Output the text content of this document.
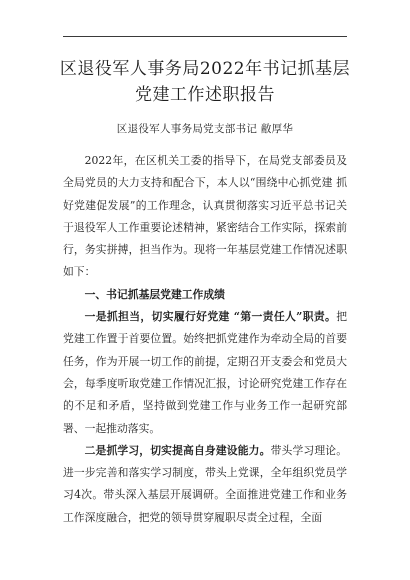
区退役军人事务局2022年书记抓基层
党建工作述职报告
区退役军人事务局党支部书记 敝厚华

2022年，在区机关工委的指导下，在局党支部委员及全局党员的大力支持和配合下，本人以“围绕中心抓党建 抓好党建促发展”的工作理念，认真贯彻落实习近平总书记关于退役军人工作重要论述精神，紧密结合工作实际，探索前行，务实拼搏，担当作为。现将一年基层党建工作情况述职如下：

一、书记抓基层党建工作成绩

一是抓担当，切实履行好党建 “第一责任人”职责。把党建工作置于首要位置。始终把抓党建作为牵动全局的首要任务，作为开展一切工作的前提，定期召开支委会和党员大会，每季度听取党建工作情况汇报，讨论研究党建工作存在的不足和矛盾，坚持做到党建工作与业务工作一起研究部署、一起推动落实。

二是抓学习，切实提高自身建设能力。带头学习理论。进一步完善和落实学习制度，带头上党课，全年组织党员学习4次。带头深入基层开展调研。全面推进党建工作和业务工作深度融合，把党的领导贯穿履职尽责全过程，全面
